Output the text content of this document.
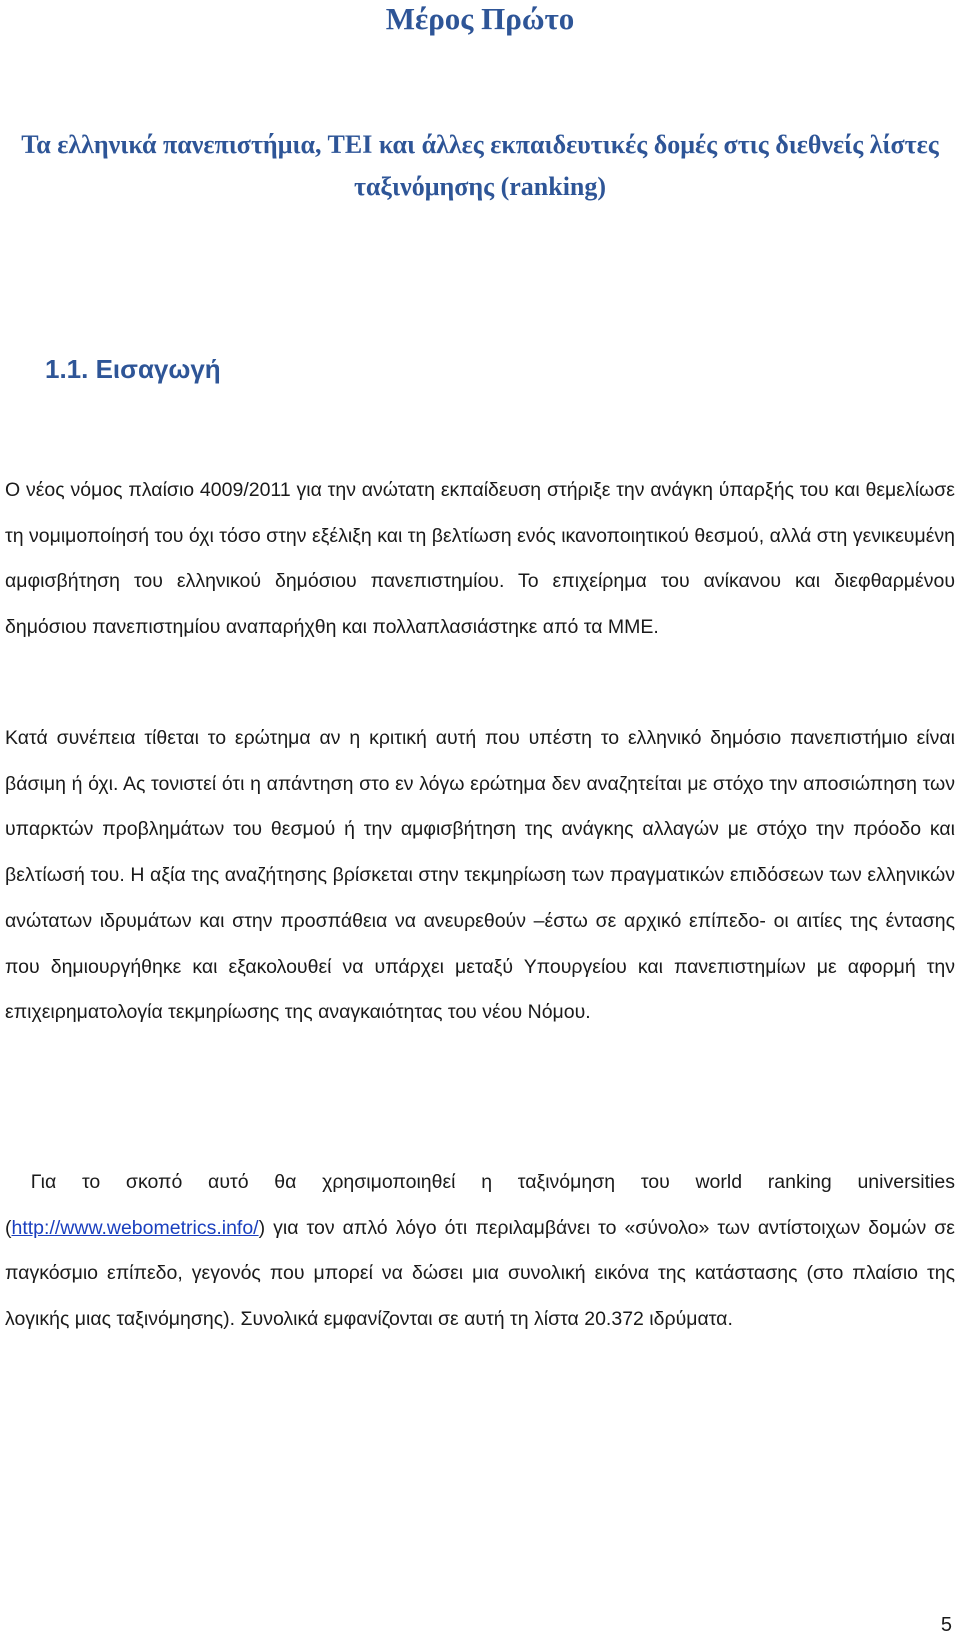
Μέρος Πρώτο
Τα ελληνικά πανεπιστήμια, ΤΕΙ και άλλες εκπαιδευτικές δομές στις διεθνείς λίστες ταξινόμησης (ranking)
1.1. Εισαγωγή

Ο νέος νόμος πλαίσιο 4009/2011 για την ανώτατη εκπαίδευση στήριξε την ανάγκη ύπαρξής του και θεμελίωσε τη νομιμοποίησή του όχι τόσο στην εξέλιξη και τη βελτίωση ενός ικανοποιητικού θεσμού, αλλά στη γενικευμένη αμφισβήτηση του ελληνικού δημόσιου πανεπιστημίου. Το επιχείρημα του ανίκανου και διεφθαρμένου δημόσιου πανεπιστημίου αναπαρήχθη και πολλαπλασιάστηκε από τα ΜΜΕ.

Κατά συνέπεια τίθεται το ερώτημα αν η κριτική αυτή που υπέστη το ελληνικό δημόσιο πανεπιστήμιο είναι βάσιμη ή όχι. Ας τονιστεί ότι η απάντηση στο εν λόγω ερώτημα δεν αναζητείται με στόχο την αποσιώπηση των υπαρκτών προβλημάτων του θεσμού ή την αμφισβήτηση της ανάγκης αλλαγών με στόχο την πρόοδο και βελτίωσή του. Η αξία της αναζήτησης βρίσκεται στην τεκμηρίωση των πραγματικών επιδόσεων των ελληνικών ανώτατων ιδρυμάτων και στην προσπάθεια να ανευρεθούν –έστω σε αρχικό επίπεδο- οι αιτίες της έντασης που δημιουργήθηκε και εξακολουθεί να υπάρχει μεταξύ Υπουργείου και πανεπιστημίων με αφορμή την επιχειρηματολογία τεκμηρίωσης της αναγκαιότητας του νέου Νόμου.

Για το σκοπό αυτό θα χρησιμοποιηθεί η ταξινόμηση του world ranking universities (http://www.webometrics.info/) για τον απλό λόγο ότι περιλαμβάνει το «σύνολο» των αντίστοιχων δομών σε παγκόσμιο επίπεδο, γεγονός που μπορεί να δώσει μια συνολική εικόνα της κατάστασης (στο πλαίσιο της λογικής μιας ταξινόμησης). Συνολικά εμφανίζονται σε αυτή τη λίστα 20.372 ιδρύματα.

5
